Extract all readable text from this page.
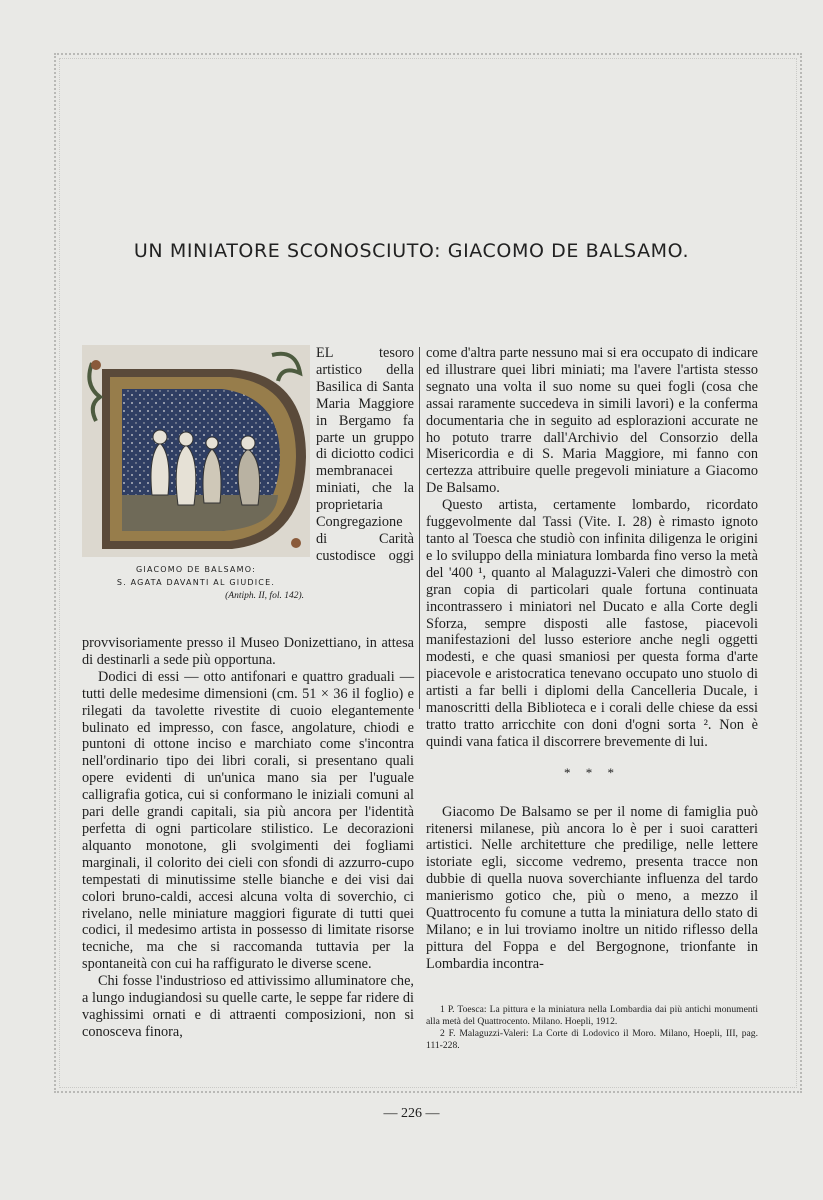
UN MINIATORE SCONOSCIUTO: GIACOMO DE BALSAMO.
GIACOMO DE BALSAMO:
S. AGATA DAVANTI AL GIUDICE.
(Antiph. II, fol. 142).

EL tesoro artistico della Basilica di Santa Maria Maggiore in Bergamo fa parte un gruppo di diciotto codici membranacei miniati, che la proprietaria Congregazione di Carità custodisce oggi provvisoriamente presso il Museo Donizettiano, in attesa di destinarli a sede più opportuna.

Dodici di essi — otto antifonari e quattro graduali — tutti delle medesime dimensioni (cm. 51 × 36 il foglio) e rilegati da tavolette rivestite di cuoio elegantemente bulinato ed impresso, con fasce, angolature, chiodi e puntoni di ottone inciso e marchiato come s'incontra nell'ordinario tipo dei libri corali, si presentano quali opere evidenti di un'unica mano sia per l'uguale calligrafia gotica, cui si conformano le iniziali comuni al pari delle grandi capitali, sia più ancora per l'identità perfetta di ogni particolare stilistico. Le decorazioni alquanto monotone, gli svolgimenti dei fogliami marginali, il colorito dei cieli con sfondi di azzurro-cupo tempestati di minutissime stelle bianche e dei visi dai colori bruno-caldi, accesi alcuna volta di soverchio, ci rivelano, nelle miniature maggiori figurate di tutti quei codici, il medesimo artista in possesso di limitate risorse tecniche, ma che si raccomanda tuttavia per la spontaneità con cui ha raffigurato le diverse scene.

Chi fosse l'industrioso ed attivissimo alluminatore che, a lungo indugiandosi su quelle carte, le seppe far ridere di vaghissimi ornati e di attraenti composizioni, non si conosceva finora,

come d'altra parte nessuno mai si era occupato di indicare ed illustrare quei libri miniati; ma l'avere l'artista stesso segnato una volta il suo nome su quei fogli (cosa che assai raramente succedeva in simili lavori) e la conferma documentaria che in seguito ad esplorazioni accurate ne ho potuto trarre dall'Archivio del Consorzio della Misericordia e di S. Maria Maggiore, mi fanno con certezza attribuire quelle pregevoli miniature a Giacomo De Balsamo.

Questo artista, certamente lombardo, ricordato fuggevolmente dal Tassi (Vite. I. 28) è rimasto ignoto tanto al Toesca che studiò con infinita diligenza le origini e lo sviluppo della miniatura lombarda fino verso la metà del '400 ¹, quanto al Malaguzzi-Valeri che dimostrò con gran copia di particolari quale fortuna continuata incontrassero i miniatori nel Ducato e alla Corte degli Sforza, sempre disposti alle fastose, piacevoli manifestazioni del lusso esteriore anche negli oggetti modesti, e che quasi smaniosi per questa forma d'arte piacevole e aristocratica tenevano occupato uno stuolo di artisti a far belli i diplomi della Cancelleria Ducale, i manoscritti della Biblioteca e i corali delle chiese da essi tratto tratto arricchite con doni d'ogni sorta ². Non è quindi vana fatica il discorrere brevemente di lui.

* * *

Giacomo De Balsamo se per il nome di famiglia può ritenersi milanese, più ancora lo è per i suoi caratteri artistici. Nelle architetture che predilige, nelle lettere istoriate egli, siccome vedremo, presenta tracce non dubbie di quella nuova soverchiante influenza del tardo manierismo gotico che, più o meno, a mezzo il Quattrocento fu comune a tutta la miniatura dello stato di Milano; e in lui troviamo inoltre un nitido riflesso della pittura del Foppa e del Bergognone, trionfante in Lombardia incontra-

1 P. Toesca: La pittura e la miniatura nella Lombardia dai più antichi monumenti alla metà del Quattrocento. Milano. Hoepli, 1912.

2 F. Malaguzzi-Valeri: La Corte di Lodovico il Moro. Milano, Hoepli, III, pag. 111-228.

— 226 —
